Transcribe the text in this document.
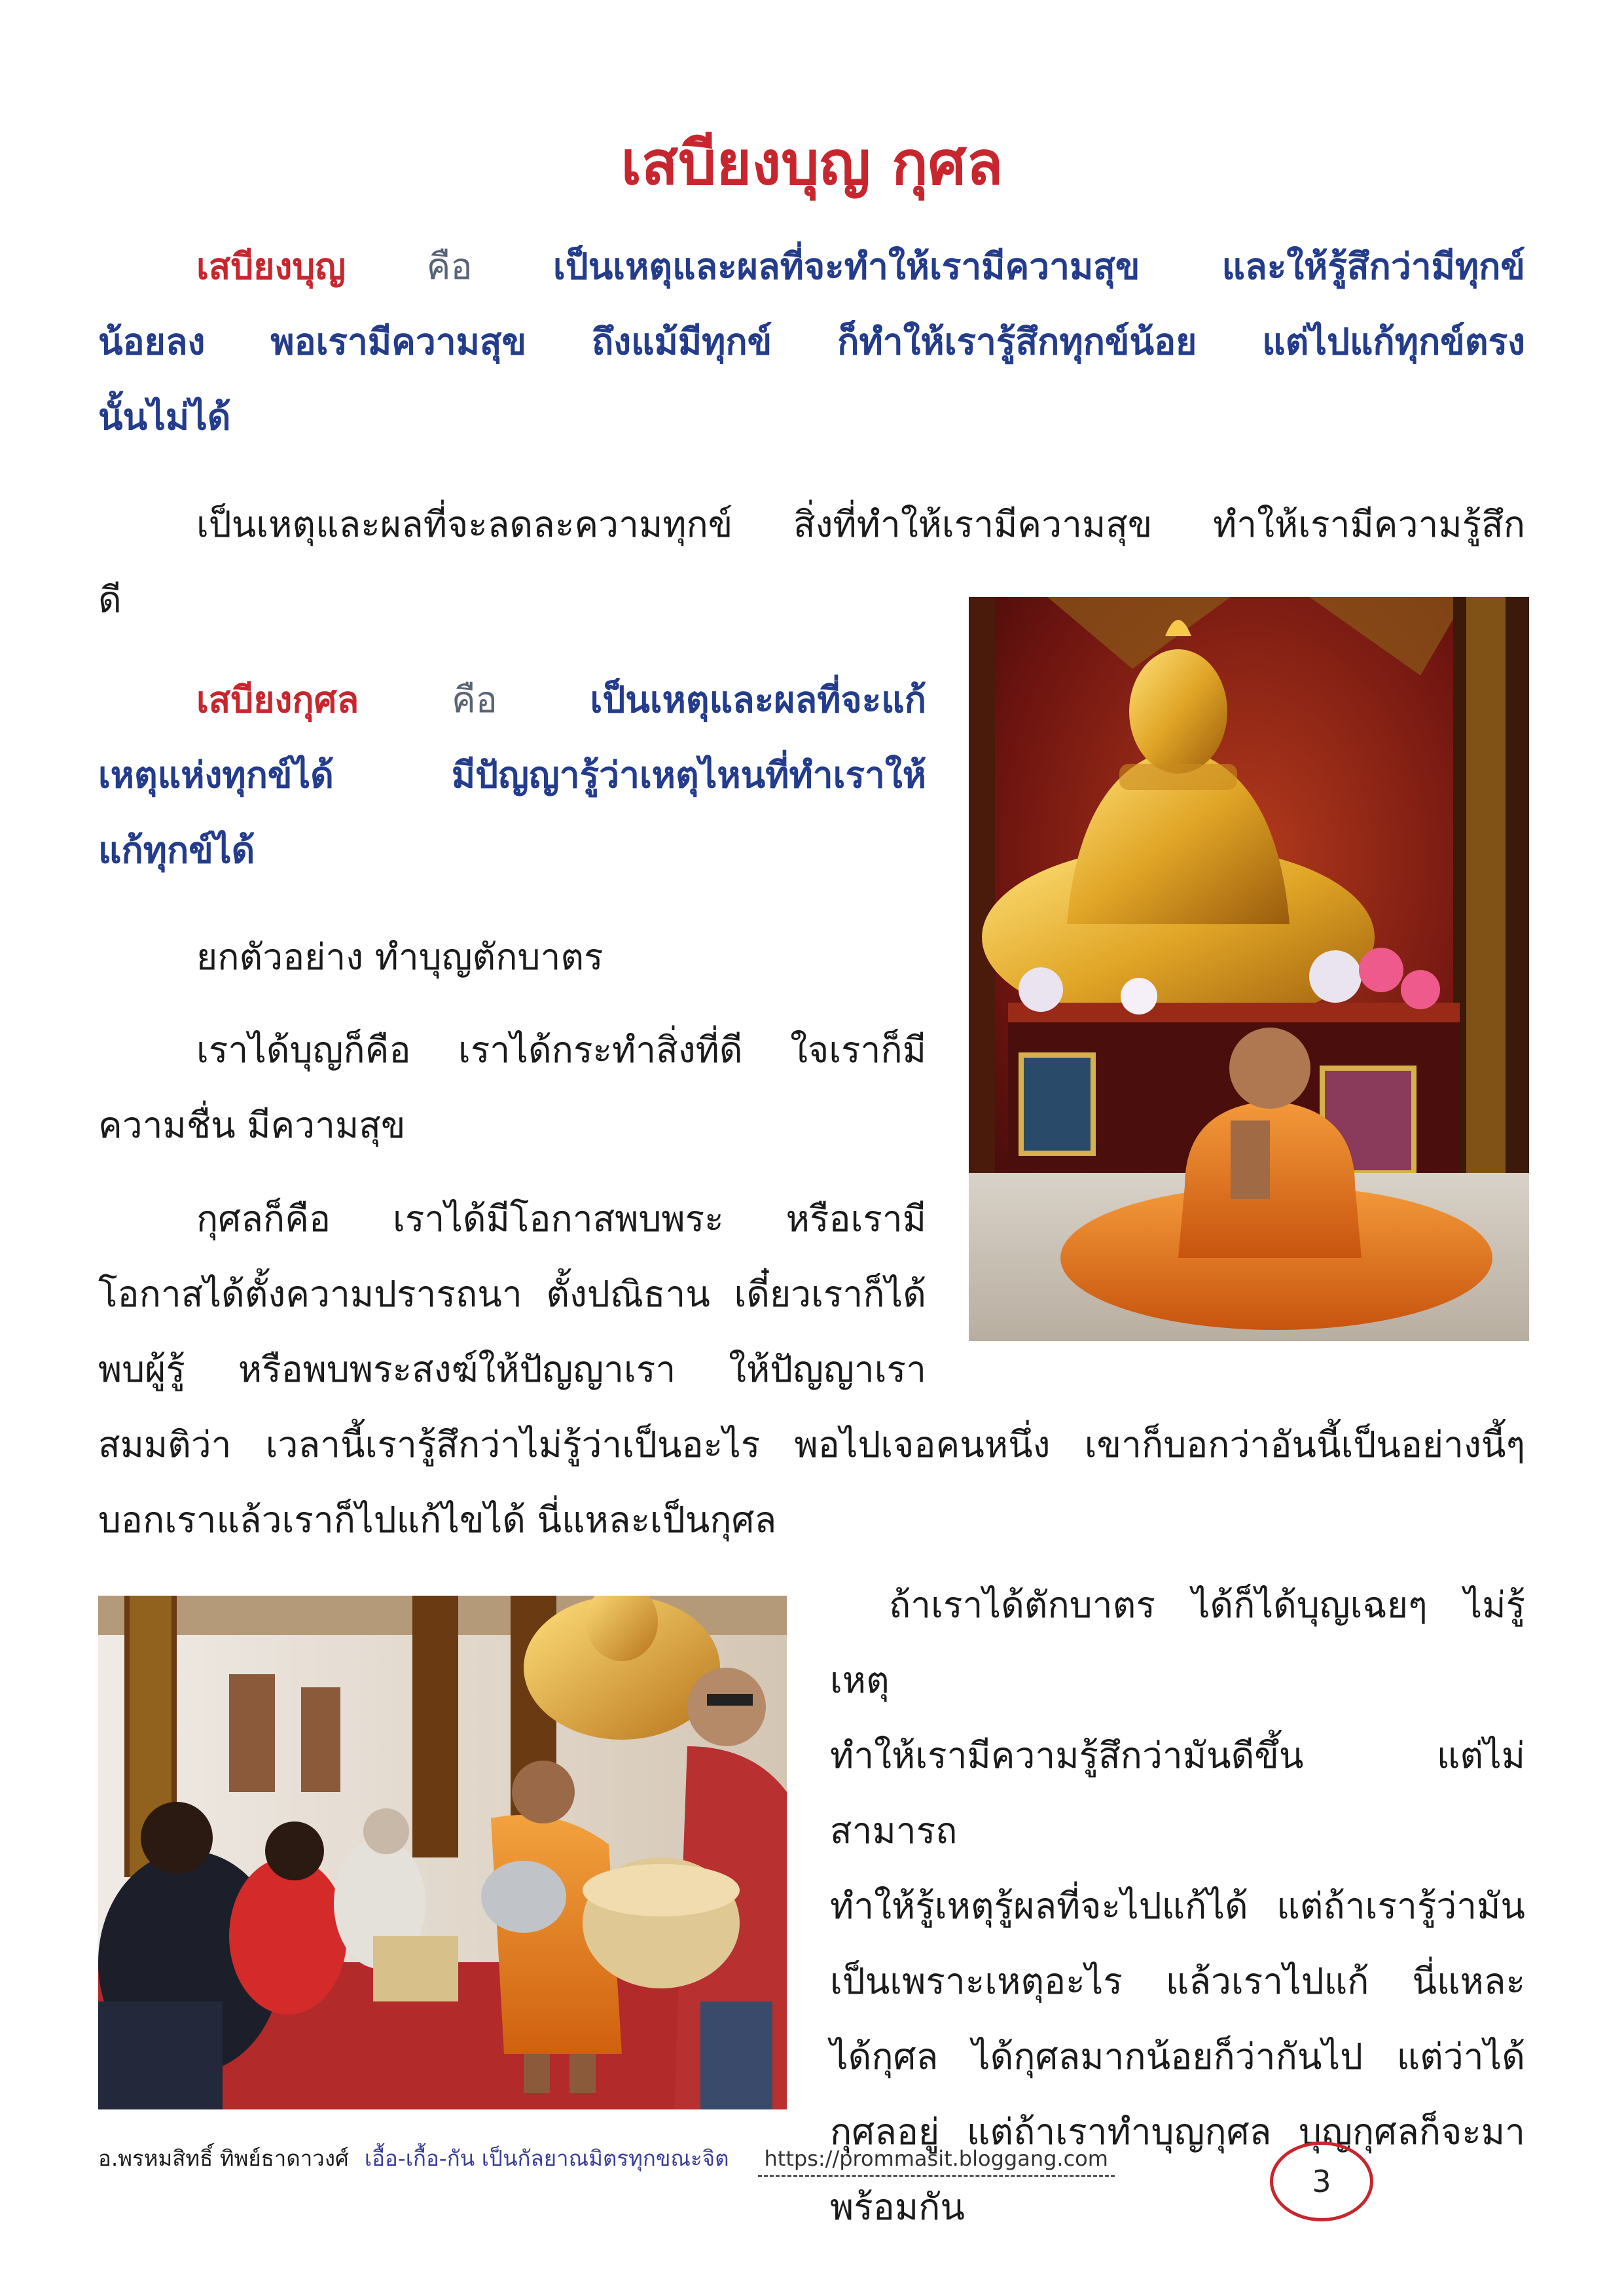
เสบียงบุญ กุศล

เสบียงบุญ คือ เป็นเหตุและผลที่จะทำให้เรามีความสุข และให้รู้สึกว่ามีทุกข์

น้อยลง พอเรามีความสุข ถึงแม้มีทุกข์ ก็ทำให้เรารู้สึกทุกข์น้อย แต่ไปแก้ทุกข์ตรง

นั้นไม่ได้

เป็นเหตุและผลที่จะลดละความทุกข์ สิ่งที่ทำให้เรามีความสุข ทำให้เรามีความรู้สึก

ดี

เสบียงกุศล	คือ	เป็นเหตุและผลที่จะแก้

เหตุแห่งทุกข์ได้ มีปัญญารู้ว่าเหตุไหนที่ทำเราให้

แก้ทุกข์ได้

ยกตัวอย่าง ทำบุญตักบาตร

เราได้บุญก็คือ เราได้กระทำสิ่งที่ดี ใจเราก็มี

ความชื่น มีความสุข

กุศลก็คือ เราได้มีโอกาสพบพระ หรือเรามี

โอกาสได้ตั้งความปรารถนา ตั้งปณิธาน เดี๋ยวเราก็ได้

พบผู้รู้ หรือพบพระสงฆ์ให้ปัญญาเรา ให้ปัญญาเรา

สมมติว่า เวลานี้เรารู้สึกว่าไม่รู้ว่าเป็นอะไร พอไปเจอคนหนึ่ง เขาก็บอกว่าอันนี้เป็นอย่างนี้ๆ

บอกเราแล้วเราก็ไปแก้ไขได้ นี่แหละเป็นกุศล

ถ้าเราได้ตักบาตร ได้ก็ได้บุญเฉยๆ ไม่รู้เหตุ

ทำให้เรามีความรู้สึกว่ามันดีขึ้น แต่ไม่สามารถ

ทำให้รู้เหตุรู้ผลที่จะไปแก้ได้ แต่ถ้าเรารู้ว่ามัน

เป็นเพราะเหตุอะไร แล้วเราไปแก้ นี่แหละ

ได้กุศล ได้กุศลมากน้อยก็ว่ากันไป แต่ว่าได้

กุศลอยู่ แต่ถ้าเราทำบุญกุศล บุญกุศลก็จะมา

พร้อมกัน

อ.พรหมสิทธิ์ ทิพย์ธาดาวงศ์ เอื้อ-เกื้อ-กัน เป็นกัลยาณมิตรทุกขณะจิต https://prommasit.bloggang.com
3
